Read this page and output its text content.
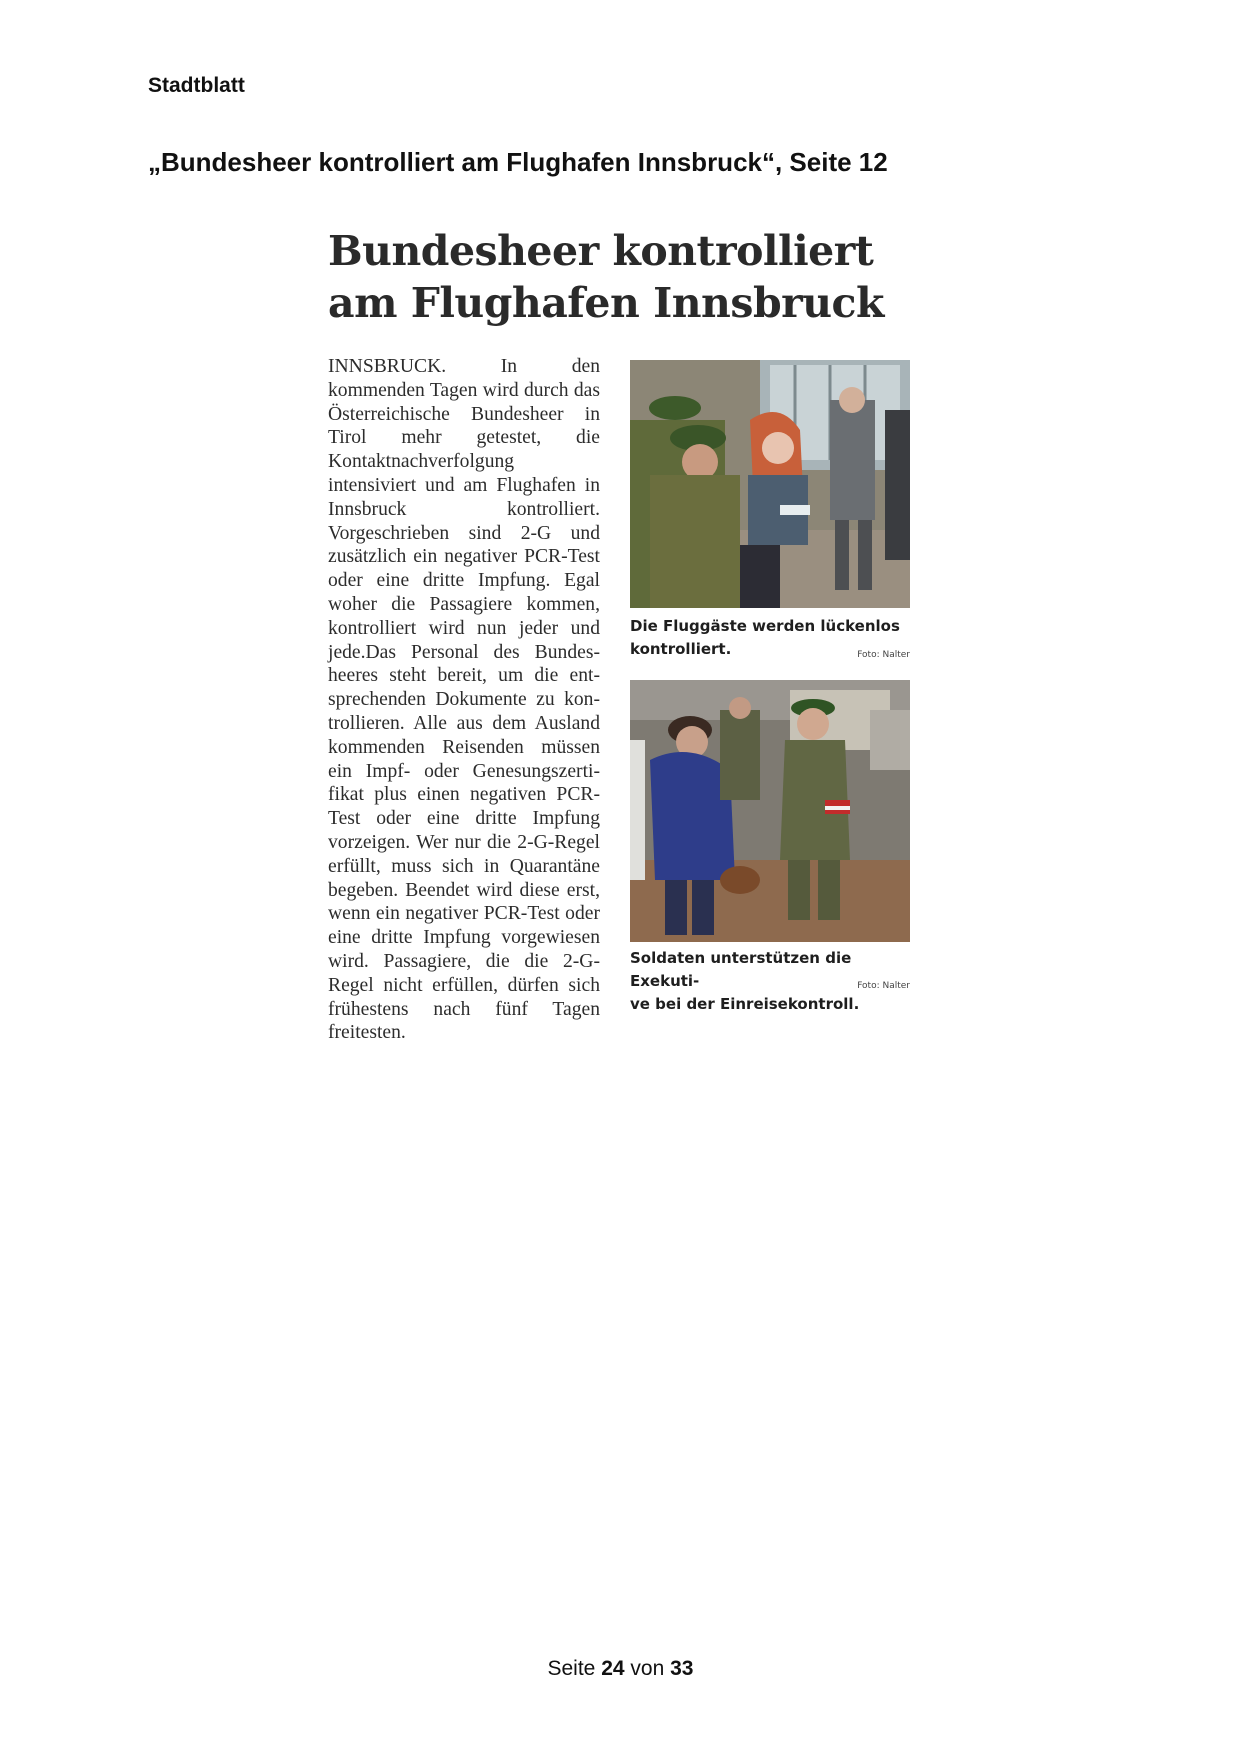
Stadtblatt
„Bundesheer kontrolliert am Flughafen Innsbruck“, Seite 12
Bundesheer kontrolliert
am Flughafen Innsbruck

INNSBRUCK. In den kommenden Tagen wird durch das Österreichische Bundesheer in Tirol mehr getestet, die Kontaktnachverfolgung intensiviert und am Flughafen in Innsbruck kontrolliert. Vorgeschrieben sind 2-G und zusätzlich ein negativer PCR-Test oder eine dritte Impfung. Egal woher die Passagiere kommen, kontrolliert wird nun jeder und jede.Das Personal des Bundesheeres steht bereit, um die entsprechenden Dokumente zu kontrollieren. Alle aus dem Ausland kommenden Reisenden müssen ein Impf- oder Genesungszertifikat plus einen negativen PCR-Test oder eine dritte Impfung vorzeigen. Wer nur die 2-G-Regel erfüllt, muss sich in Quarantäne begeben. Beendet wird diese erst, wenn ein negativer PCR-Test oder eine dritte Impfung vorgewiesen wird. Passagiere, die die 2-G-Regel nicht erfüllen, dürfen sich frühestens nach fünf Tagen freitesten.

Die Fluggäste werden lückenlos
kontrolliert.	Foto: Nalter
Soldaten unterstützen die Exekuti-
ve bei der Einreisekontroll.
Foto: Nalter
Seite 24 von 33
